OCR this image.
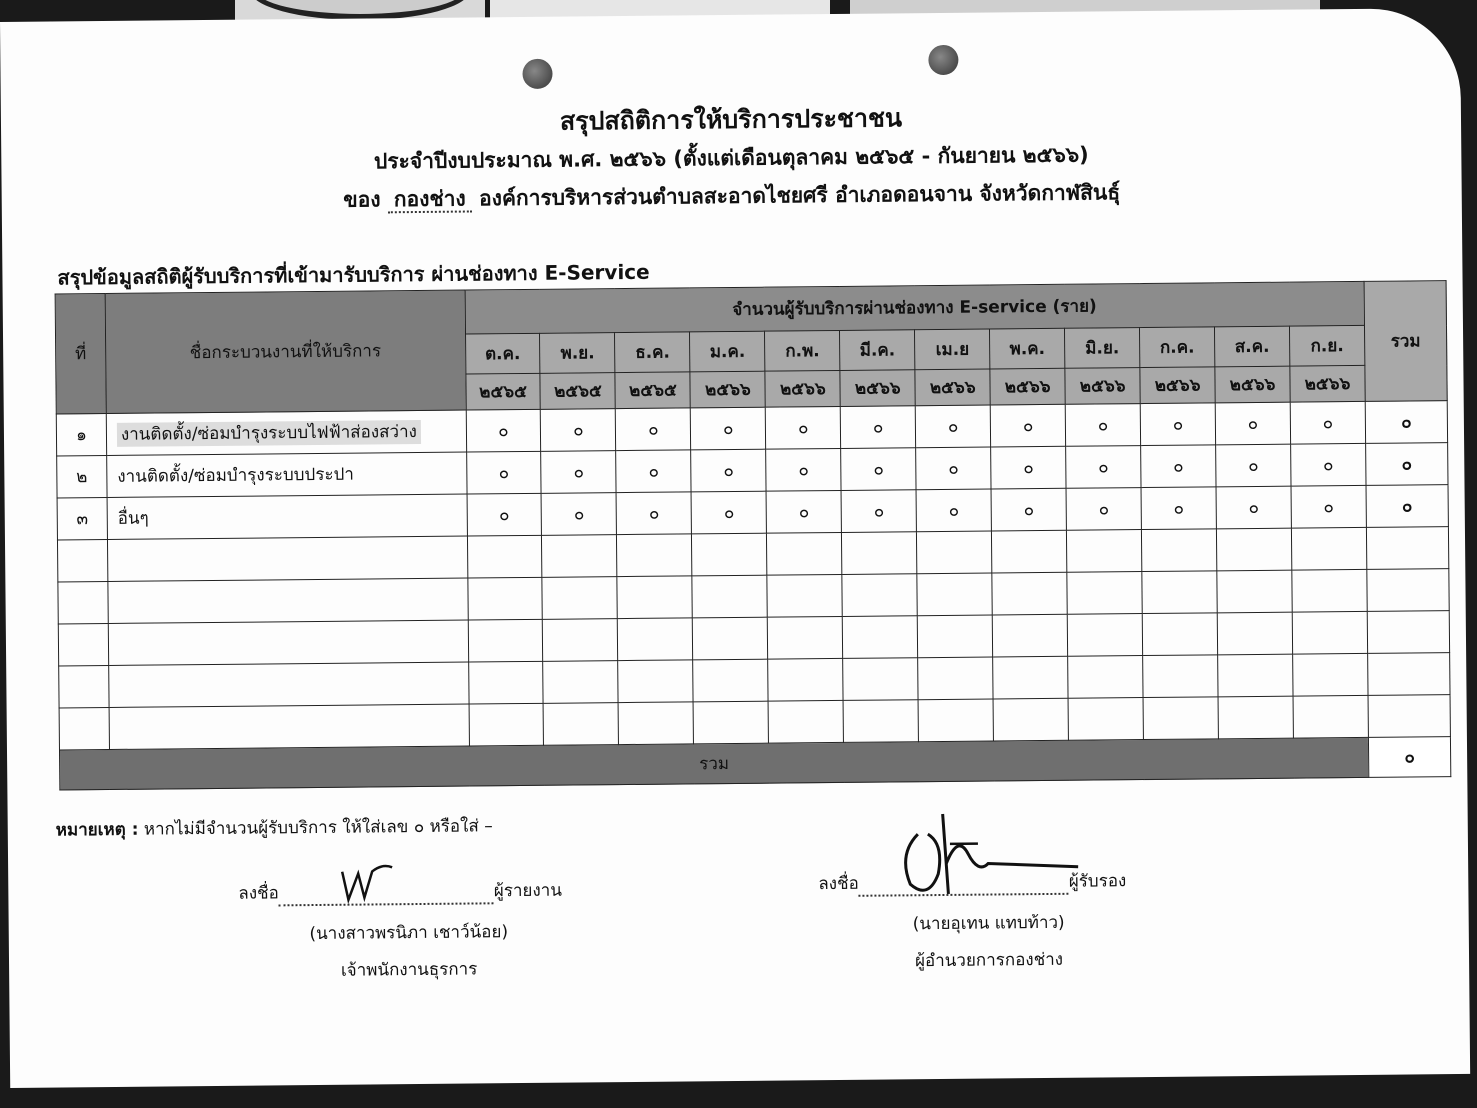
สรุปสถิติการให้บริการประชาชน
ประจำปีงบประมาณ พ.ศ. ๒๕๖๖ (ตั้งแต่เดือนตุลาคม ๒๕๖๕ - กันยายน ๒๕๖๖)
ของ กองช่าง องค์การบริหารส่วนตำบลสะอาดไชยศรี อำเภอดอนจาน จังหวัดกาฬสินธุ์
สรุปข้อมูลสถิติผู้รับบริการที่เข้ามารับบริการ ผ่านช่องทาง E-Service
ที่	ชื่อกระบวนงานที่ให้บริการ	จำนวนผู้รับบริการผ่านช่องทาง E-service (ราย)												รวม
		ต.ค.	พ.ย.	ธ.ค.	ม.ค.	ก.พ.	มี.ค.	เม.ย	พ.ค.	มิ.ย.	ก.ค.	ส.ค.	ก.ย.	
		๒๕๖๕	๒๕๖๕	๒๕๖๕	๒๕๖๖	๒๕๖๖	๒๕๖๖	๒๕๖๖	๒๕๖๖	๒๕๖๖	๒๕๖๖	๒๕๖๖	๒๕๖๖	
๑	งานติดตั้ง/ซ่อมบำรุงระบบไฟฟ้าส่องสว่าง	๐	๐	๐	๐	๐	๐	๐	๐	๐	๐	๐	๐	๐
๒	งานติดตั้ง/ซ่อมบำรุงระบบประปา	๐	๐	๐	๐	๐	๐	๐	๐	๐	๐	๐	๐	๐
๓	อื่นๆ	๐	๐	๐	๐	๐	๐	๐	๐	๐	๐	๐	๐	๐

รวม														๐
หมายเหตุ : หากไม่มีจำนวนผู้รับบริการ ให้ใส่เลข ๐ หรือใส่ –
ลงชื่อ	ผู้รายงาน
(นางสาวพรนิภา เชาว์น้อย)
เจ้าพนักงานธุรการ
ลงชื่อ	ผู้รับรอง
(นายอุเทน แทบท้าว)
ผู้อำนวยการกองช่าง
